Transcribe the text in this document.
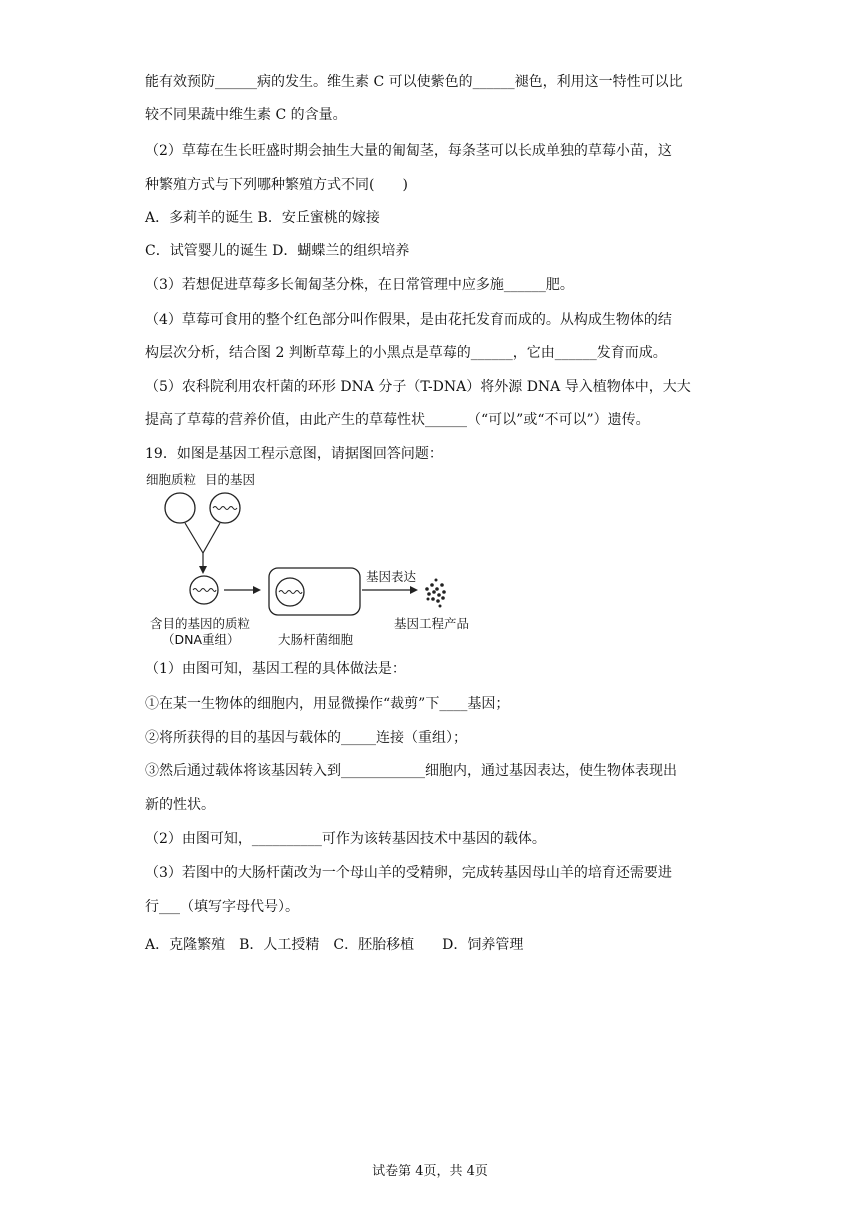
能有效预防______病的发生。维生素 C 可以使紫色的______褪色，利用这一特性可以比
较不同果蔬中维生素 C 的含量。
（2）草莓在生长旺盛时期会抽生大量的匍匐茎，每条茎可以长成单独的草莓小苗，这
种繁殖方式与下列哪种繁殖方式不同(　　)
A．多莉羊的诞生 B．安丘蜜桃的嫁接
C．试管婴儿的诞生 D．蝴蝶兰的组织培养
（3）若想促进草莓多长匍匐茎分株，在日常管理中应多施______肥。
（4）草莓可食用的整个红色部分叫作假果，是由花托发育而成的。从构成生物体的结
构层次分析，结合图 2 判断草莓上的小黑点是草莓的______，它由______发育而成。
（5）农科院利用农杆菌的环形 DNA 分子（T-DNA）将外源 DNA 导入植物体中，大大
提高了草莓的营养价值，由此产生的草莓性状______（“可以”或“不可以”）遗传。
19．如图是基因工程示意图，请据图回答问题：
细胞质粒 目的基因
基因表达
含目的基因的质粒
（DNA重组）	大肠杆菌细胞
基因工程产品
（1）由图可知，基因工程的具体做法是：
①在某一生物体的细胞内，用显微操作“裁剪”下____基因；
②将所获得的目的基因与载体的_____连接（重组）；
③然后通过载体将该基因转入到____________细胞内，通过基因表达，使生物体表现出
新的性状。
（2）由图可知，__________可作为该转基因技术中基因的载体。
（3）若图中的大肠杆菌改为一个母山羊的受精卵，完成转基因母山羊的培育还需要进
行___（填写字母代号）。
A．克隆繁殖　B．人工授精　C．胚胎移植　　D．饲养管理
试卷第 4页，共 4页
